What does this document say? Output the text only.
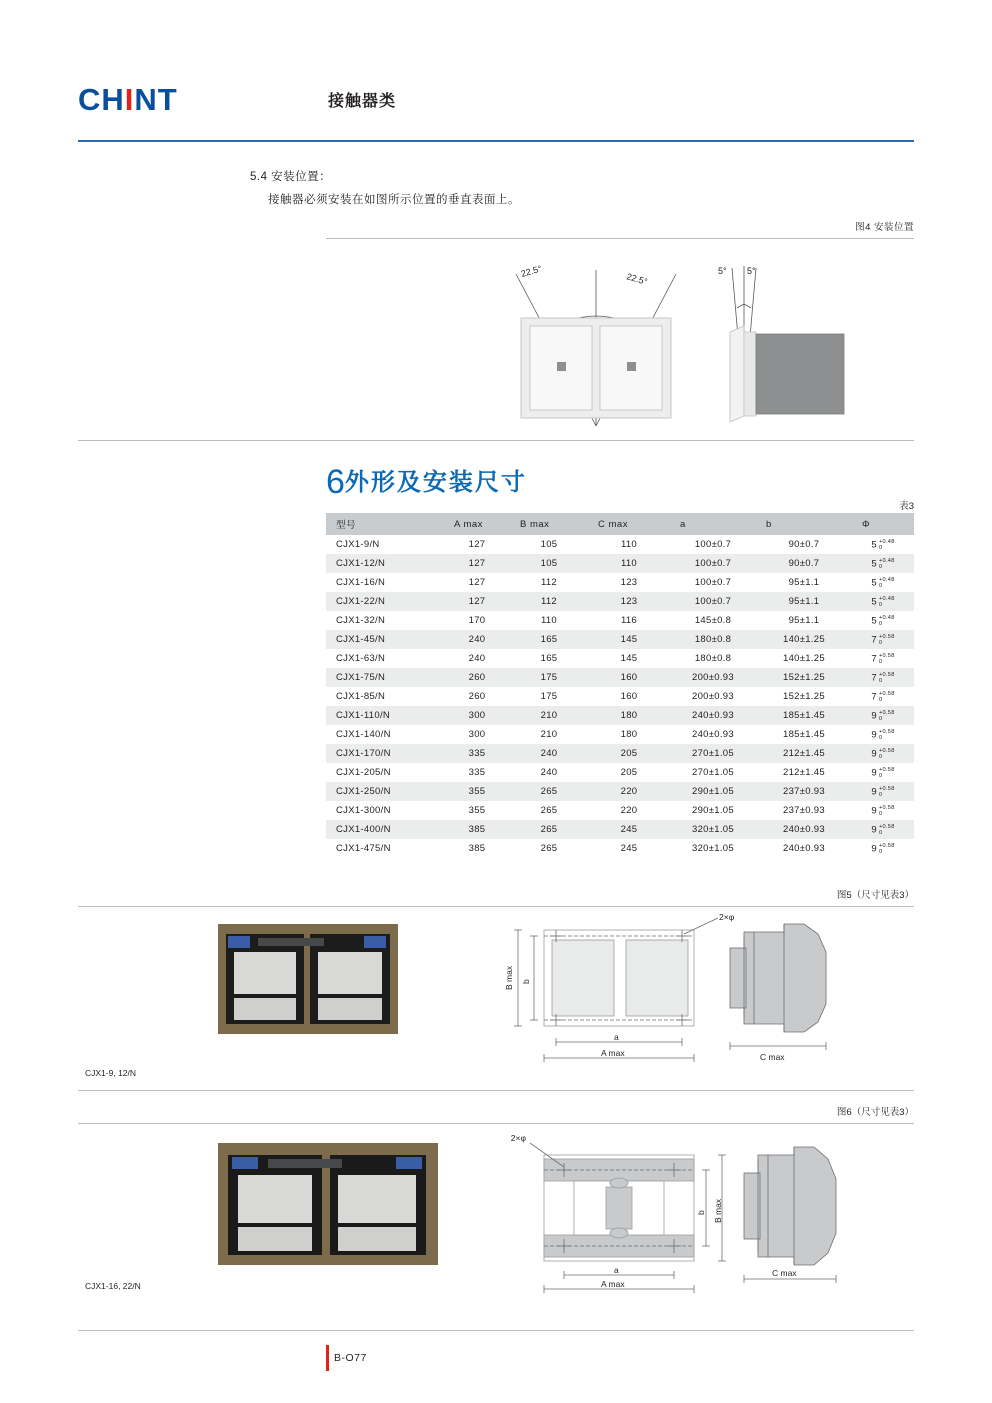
CHINT	接触器类
5.4 安装位置：
接触器必须安装在如图所示位置的垂直表面上。
图4 安装位置
22.5°
22.5°
5° 5°
6外形及安装尺寸
表3
型号	A max	B max	C max	a	b	Φ
CJX1-9/N	127	105	110	100±0.7	90±0.7	5 +0.48
0
CJX1-12/N	127	105	110	100±0.7	90±0.7	5 +0.48
0
CJX1-16/N	127	112	123	100±0.7	95±1.1	5 +0.48
0
CJX1-22/N	127	112	123	100±0.7	95±1.1	5 +0.48
0
CJX1-32/N	170	110	116	145±0.8	95±1.1	5 +0.48
0
CJX1-45/N	240	165	145	180±0.8	140±1.25	7 +0.58
0
CJX1-63/N	240	165	145	180±0.8	140±1.25	7 +0.58
0
CJX1-75/N	260	175	160	200±0.93	152±1.25	7 +0.58
0
CJX1-85/N	260	175	160	200±0.93	152±1.25	7 +0.58
0
CJX1-110/N	300	210	180	240±0.93	185±1.45	9 +0.58
0
CJX1-140/N	300	210	180	240±0.93	185±1.45	9 +0.58
0
CJX1-170/N	335	240	205	270±1.05	212±1.45	9 +0.58
0
CJX1-205/N	335	240	205	270±1.05	212±1.45	9 +0.58
0
CJX1-250/N	355	265	220	290±1.05	237±0.93	9 +0.58
0
CJX1-300/N	355	265	220	290±1.05	237±0.93	9 +0.58
0
CJX1-400/N	385	265	245	320±1.05	240±0.93	9 +0.58
0
CJX1-475/N	385	265	245	320±1.05	240±0.93	9 +0.58
0
图5（尺寸见表3）
B max b
a
A max
2×φ
C max
CJX1-9, 12/N
图6（尺寸见表3）
2×φ
b B max
a
A max
C max
CJX1-16, 22/N
B-O77
